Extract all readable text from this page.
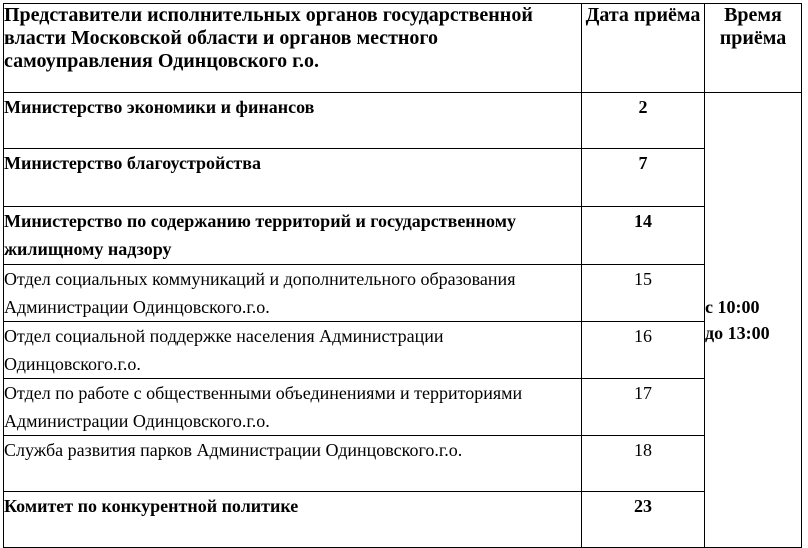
Представители исполнительных органов государственной власти Московской области и органов местного самоуправления Одинцовского г.о.	Дата приёма	Время приёма
Министерство экономики и финансов	2	с 10:00
до 13:00

Министерство благоустройства	7	
Министерство по содержанию территорий и государственному жилищному надзору	14	
Отдел социальных коммуникаций и дополнительного образования Администрации Одинцовского.г.о.	15	
Отдел социальной поддержке населения Администрации Одинцовского.г.о.	16	
Отдел по работе с общественными объединениями и территориями Администрации Одинцовского.г.о.	17	
Служба развития парков Администрации Одинцовского.г.о.	18	
Комитет по конкурентной политике	23	
